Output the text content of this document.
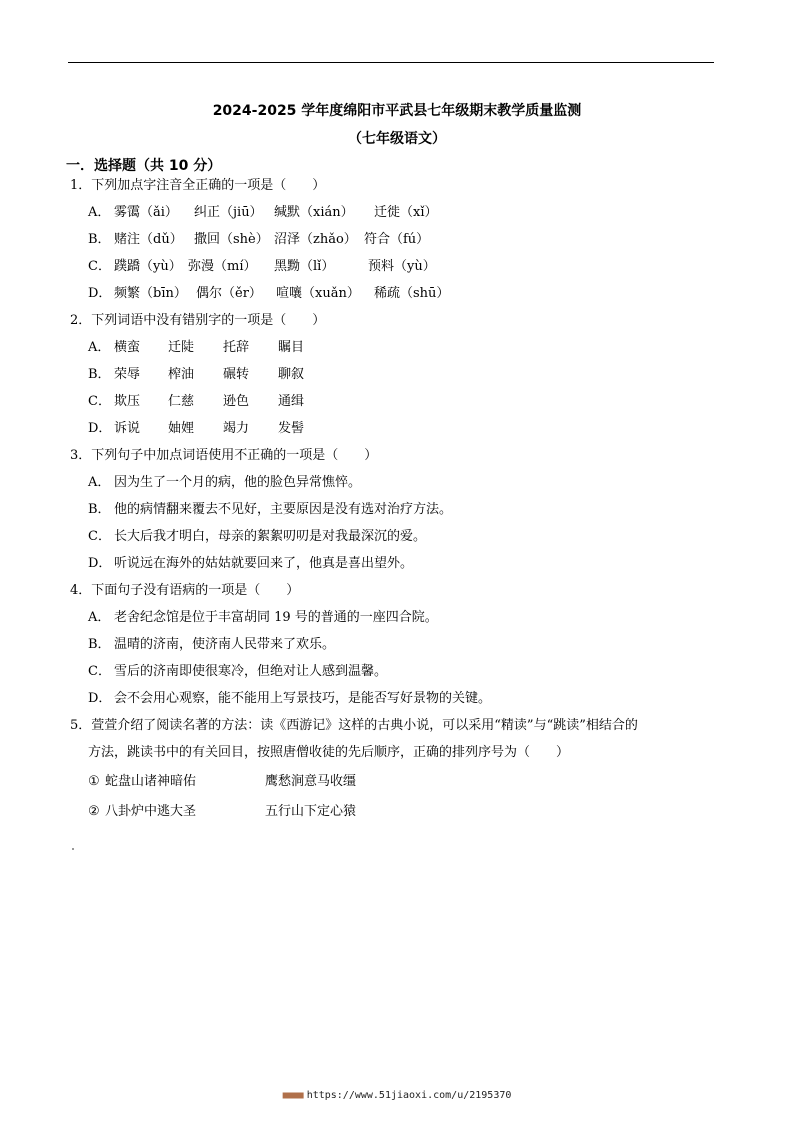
2024-2025 学年度绵阳市平武县七年级期末教学质量监测
（七年级语文）
一．选择题（共 10 分）
1．下列加点字注音全正确的一项是（　　）
A． 雾霭（ǎi） 纠正（jiū） 缄默（xián） 迁徙（xǐ）
B． 赌注（dǔ） 撒回（shè） 沼泽（zhǎo） 符合（fú）
C． 蹼蹻（yù） 弥漫（mí） 黑黝（lǐ）	预料（yù）
D． 频繁（bīn） 偶尔（ěr） 喧嚷（xuǎn） 稀疏（shū）
2．下列词语中没有错别字的一项是（　　）
A． 横蛮 迁陡 托辞 瞩目
B． 荣辱 榨油 碾转 聊叙
C． 欺压 仁慈 逊色 通缉
D． 诉说 妯娌 竭力 发髻
3．下列句子中加点词语使用不正确的一项是（　　）
A． 因为生了一个月的病，他的脸色异常憔悴。
B． 他的病情翻来覆去不见好，主要原因是没有选对治疗方法。
C． 长大后我才明白，母亲的絮絮叨叨是对我最深沉的爱。
D． 听说远在海外的姑姑就要回来了，他真是喜出望外。
4．下面句子没有语病的一项是（　　）
A． 老舍纪念馆是位于丰富胡同 19 号的普通的一座四合院。
B． 温晴的济南，使济南人民带来了欢乐。
C． 雪后的济南即使很寒冷，但绝对让人感到温馨。
D． 会不会用心观察，能不能用上写景技巧，是能否写好景物的关键。
5．萱萱介绍了阅读名著的方法：读《西游记》这样的古典小说，可以采用“精读”与“跳读”相结合的
方法，跳读书中的有关回目，按照唐僧收徒的先后顺序，正确的排列序号为（　　）
① 蛇盘山诸神暗佑	鹰愁涧意马收缰
② 八卦炉中逃大圣	五行山下定心猿
■■■■ https://www.51jiaoxi.com/u/2195370
